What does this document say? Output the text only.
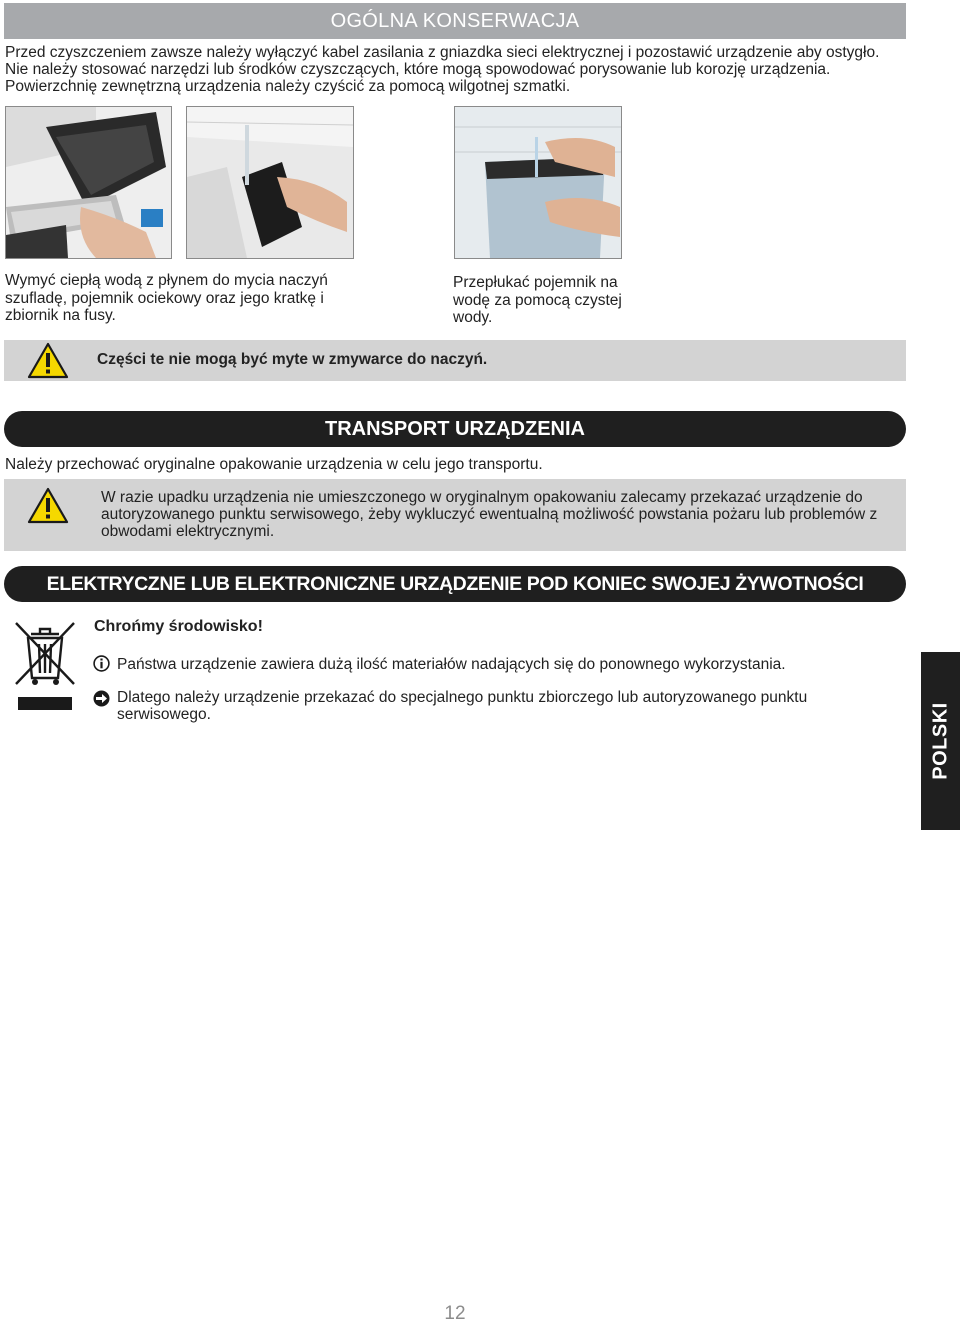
OGÓLNA KONSERWACJA
Przed czyszczeniem zawsze należy wyłączyć kabel zasilania z gniazdka sieci elektrycznej i pozostawić urządzenie aby ostygło. Nie należy stosować narzędzi lub środków czyszczących, które mogą spowodować porysowanie lub korozję urządzenia. Powierzchnię zewnętrzną urządzenia należy czyścić za pomocą wilgotnej szmatki.
Wymyć ciepłą wodą z płynem do mycia naczyń szufladę, pojemnik ociekowy oraz jego kratkę i zbiornik na fusy.
Przepłukać pojemnik na wodę za pomocą czystej wody.
Części te nie mogą być myte w zmywarce do naczyń.
TRANSPORT URZĄDZENIA
Należy przechować oryginalne opakowanie urządzenia w celu jego transportu.
W razie upadku urządzenia nie umieszczonego w oryginalnym opakowaniu zalecamy przekazać urządzenie do autoryzowanego punktu serwisowego, żeby wykluczyć ewentualną możliwość powstania pożaru lub problemów z obwodami elektrycznymi.
ELEKTRYCZNE LUB ELEKTRONICZNE URZĄDZENIE POD KONIEC SWOJEJ ŻYWOTNOŚCI
Chrońmy środowisko!
Państwa urządzenie zawiera dużą ilość materiałów nadających się do ponownego wykorzystania.
Dlatego należy urządzenie przekazać do specjalnego punktu zbiorczego lub autoryzowanego punktu serwisowego.	POLSKI
12
